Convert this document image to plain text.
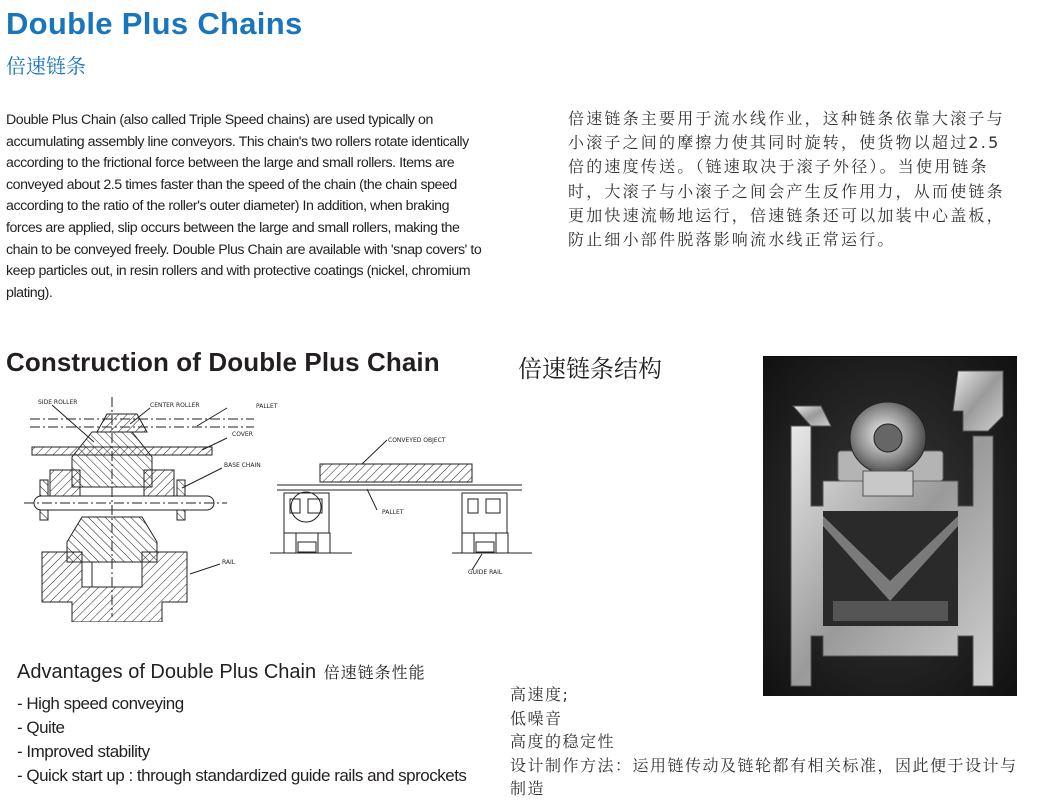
Double Plus Chains
倍速链条
Double Plus Chain (also called Triple Speed chains) are used typically on accumulating assembly line conveyors. This chain's two rollers rotate identically according to the frictional force between the large and small rollers. Items are conveyed about 2.5 times faster than the speed of the chain (the chain speed according to the ratio of the roller's outer diameter) In addition, when braking forces are applied, slip occurs between the large and small rollers, making the chain to be conveyed freely. Double Plus Chain are available with 'snap covers' to keep particles out, in resin rollers and with protective coatings (nickel, chromium plating).
倍速链条主要用于流水线作业，这种链条依靠大滚子与小滚子之间的摩擦力使其同时旋转，使货物以超过2.5倍的速度传送。（链速取决于滚子外径）。当使用链条时，大滚子与小滚子之间会产生反作用力，从而使链条更加快速流畅地运行，倍速链条还可以加装中心盖板，防止细小部件脱落影响流水线正常运行。
Construction of Double Plus Chain	倍速链条结构
SIDE ROLLER	CENTER ROLLER	PALLET
COVER
BASE CHAIN
RAIL
CONVEYED OBJECT
PALLET
GUIDE RAIL
Advantages of Double Plus Chain 倍速链条性能
- High speed conveying
- Quite
- Improved stability
- Quick start up : through standardized guide rails and sprockets
高速度;
低噪音
高度的稳定性
设计制作方法：运用链传动及链轮都有相关标准，因此便于设计与制造
